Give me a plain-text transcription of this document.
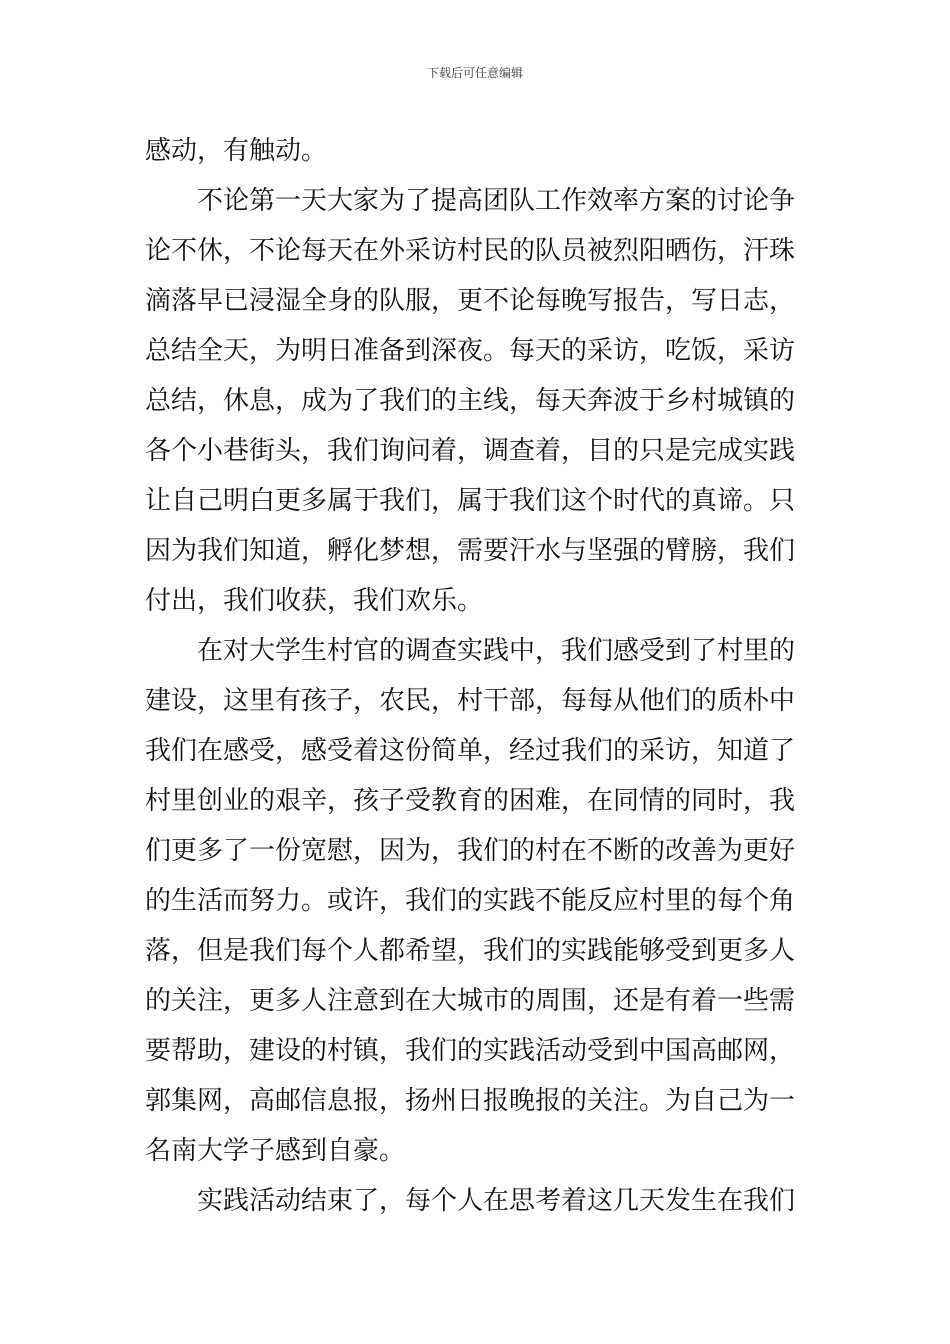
下载后可任意编辑
感动，有触动。
不论第一天大家为了提高团队工作效率方案的讨论争
论不休，不论每天在外采访村民的队员被烈阳晒伤，汗珠
滴落早已浸湿全身的队服，更不论每晚写报告，写日志，
总结全天，为明日准备到深夜。每天的采访，吃饭，采访
总结，休息，成为了我们的主线，每天奔波于乡村城镇的
各个小巷街头，我们询问着，调查着，目的只是完成实践
让自己明白更多属于我们，属于我们这个时代的真谛。只
因为我们知道，孵化梦想，需要汗水与坚强的臂膀，我们
付出，我们收获，我们欢乐。
在对大学生村官的调查实践中，我们感受到了村里的
建设，这里有孩子，农民，村干部，每每从他们的质朴中
我们在感受，感受着这份简单，经过我们的采访，知道了
村里创业的艰辛，孩子受教育的困难，在同情的同时，我
们更多了一份宽慰，因为，我们的村在不断的改善为更好
的生活而努力。或许，我们的实践不能反应村里的每个角
落，但是我们每个人都希望，我们的实践能够受到更多人
的关注，更多人注意到在大城市的周围，还是有着一些需
要帮助，建设的村镇，我们的实践活动受到中国高邮网，
郭集网，高邮信息报，扬州日报晚报的关注。为自己为一
名南大学子感到自豪。
实践活动结束了，每个人在思考着这几天发生在我们
